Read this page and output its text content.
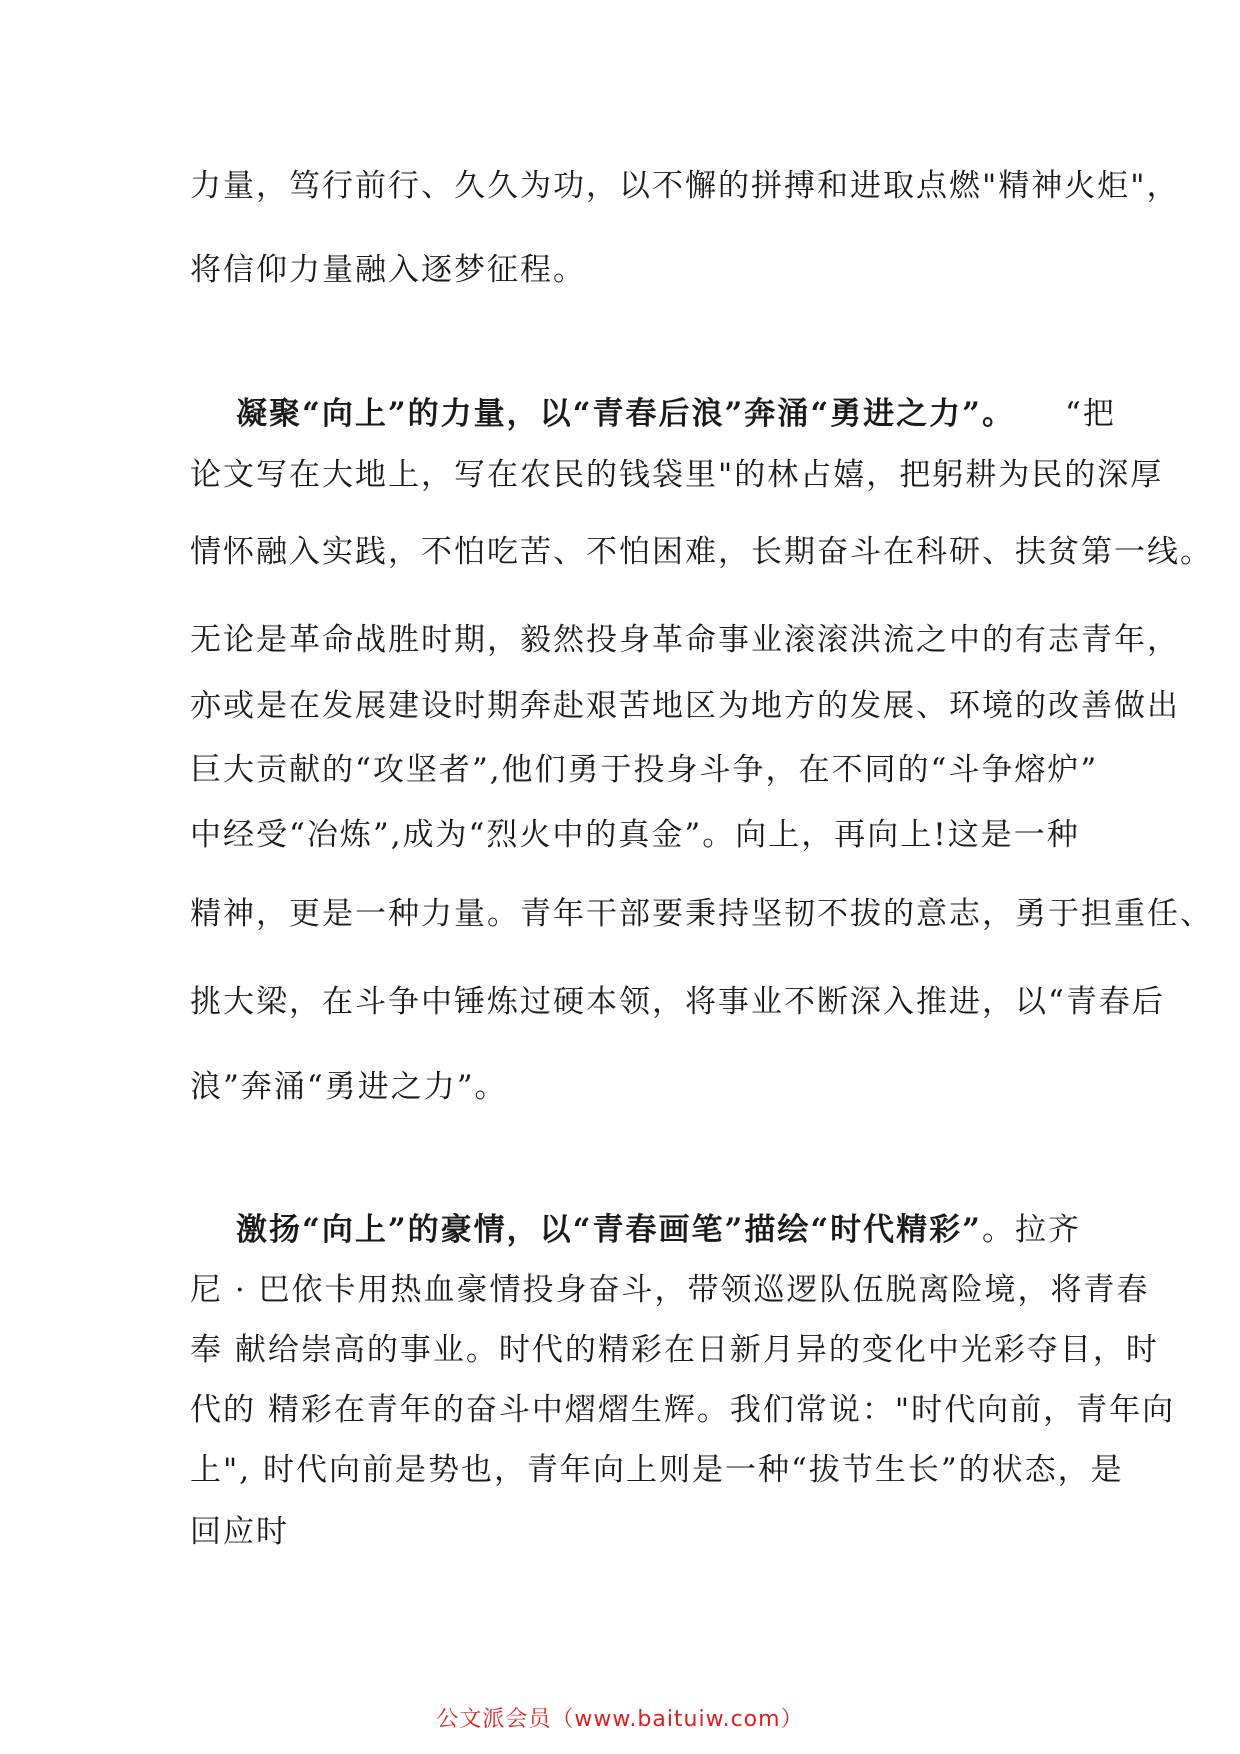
力量，笃行前行、久久为功，以不懈的拼搏和进取点燃"精神火炬"，
将信仰力量融入逐梦征程。
凝聚“向上”的力量，以“青春后浪”奔涌“勇进之力”。 “把
论文写在大地上，写在农民的钱袋里"的林占嬉，把躬耕为民的深厚
情怀融入实践，不怕吃苦、不怕困难，长期奋斗在科研、扶贫第一线。
无论是革命战胜时期，毅然投身革命事业滚滚洪流之中的有志青年，
亦或是在发展建设时期奔赴艰苦地区为地方的发展、环境的改善做出
巨大贡献的“攻坚者”,他们勇于投身斗争，在不同的“斗争熔炉”
中经受“冶炼”,成为“烈火中的真金”。向上，再向上!这是一种
精神，更是一种力量。青年干部要秉持坚韧不拔的意志，勇于担重任、
挑大梁，在斗争中锤炼过硬本领，将事业不断深入推进，以“青春后
浪”奔涌“勇进之力”。
激扬“向上”的豪情，以“青春画笔”描绘“时代精彩”。拉齐
尼 · 巴依卡用热血豪情投身奋斗，带领巡逻队伍脱离险境，将青春
奉 献给崇高的事业。时代的精彩在日新月异的变化中光彩夺目，时
代的 精彩在青年的奋斗中熠熠生辉。我们常说："时代向前，青年向
上", 时代向前是势也，青年向上则是一种“拔节生长”的状态，是
回应时
公文派会员（www.baituiw.com）
